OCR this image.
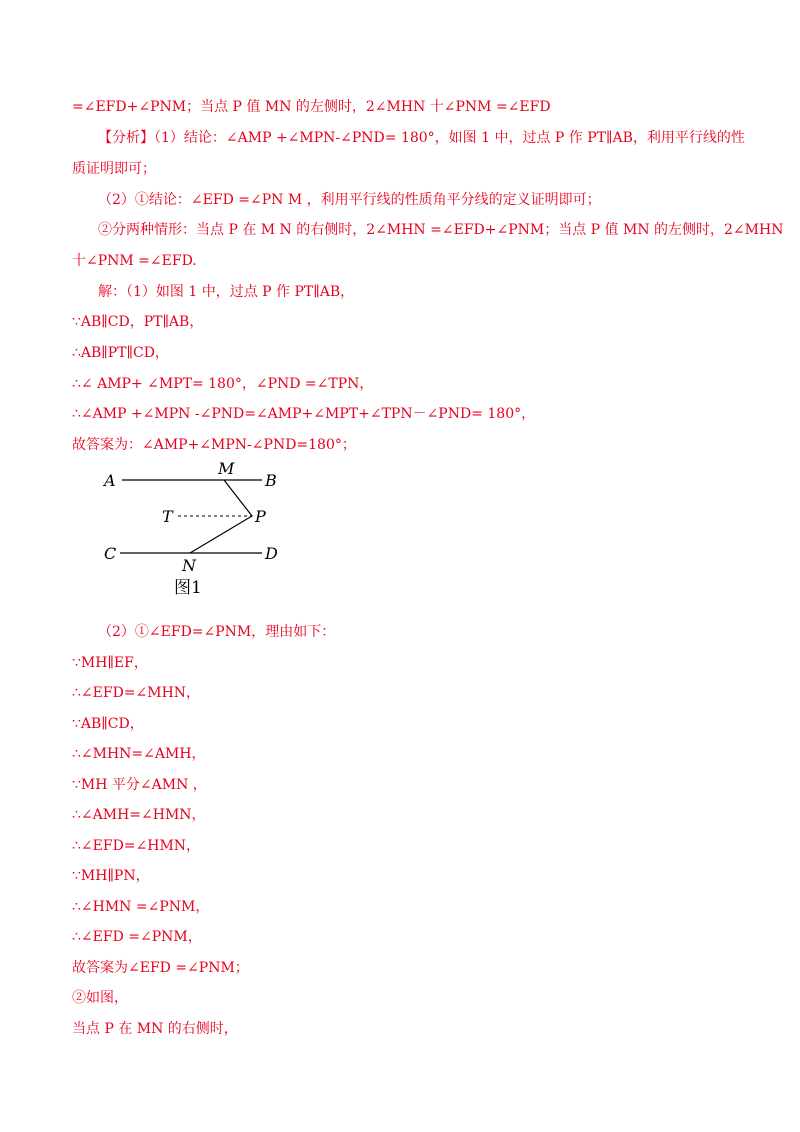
=∠EFD+∠PNM；当点 P 值 MN 的左侧时，2∠MHN 十∠PNM =∠EFD
【分析】（1）结论：∠AMP +∠MPN-∠PND= 180°，如图 1 中，过点 P 作 PT∥AB，利用平行线的性
质证明即可；
（2）①结论：∠EFD =∠PN M ，利用平行线的性质角平分线的定义证明即可；
②分两种情形：当点 P 在 M N 的右侧时，2∠MHN =∠EFD+∠PNM；当点 P 值 MN 的左侧时，2∠MHN
十∠PNM =∠EFD.
解：（1）如图 1 中，过点 P 作 PT∥AB，
∵AB∥CD，PT∥AB，
∴AB∥PT∥CD，
∴∠ AMP+ ∠MPT= 180°，∠PND =∠TPN，
∴∠AMP +∠MPN -∠PND=∠AMP+∠MPT+∠TPN－∠PND= 180°，
故答案为：∠AMP+∠MPN-∠PND=180°；
A
M
B
T	P
C
N
D
图1
（2）①∠EFD=∠PNM，理由如下：
∵MH∥EF，
∴∠EFD=∠MHN，
∵AB∥CD，
∴∠MHN=∠AMH，
∵MH 平分∠AMN ，
∴∠AMH=∠HMN，
∴∠EFD=∠HMN，
∵MH∥PN，
∴∠HMN =∠PNM，
∴∠EFD =∠PNM，
故答案为∠EFD =∠PNM；
②如图，
当点 P 在 MN 的右侧时，
